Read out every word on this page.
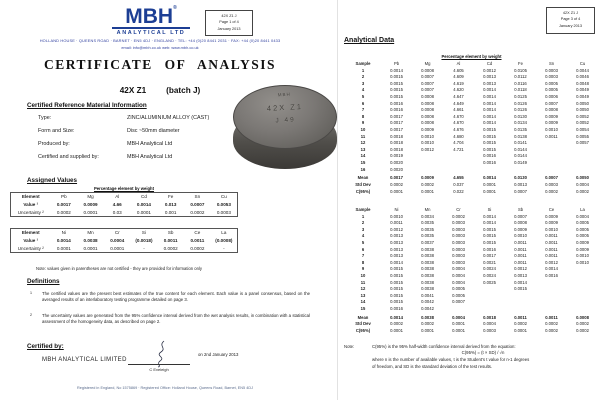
MBH®
ANALYTICAL LTD
42X Z1 J
Page 1 of 4
January 2013
HOLLAND HOUSE · QUEENS ROAD · BARNET · EN5 4DJ · ENGLAND · TEL: +44 (0)20 8441 2031 · FAX: +44 (0)20 8441 0433
email: info@mbh.co.uk web: www.mbh.co.uk
CERTIFICATE OF ANALYSIS
42X Z1 (batch J)
Certified Reference Material Information
Type:	ZINC/ALUMINIUM ALLOY (CAST)
Form and Size:	Disc ~50mm diameter
Produced by:	MBH Analytical Ltd
Certified and supplied by:	MBH Analytical Ltd
MBH
42X Z1
J 49
Assigned Values
Percentage element by weight
Element	Pb	Mg	Al	Cd	Fe	Sn	Cu
Value ¹	0.0017	0.0009	4.66	0.0014	0.013	0.0007	0.0053
Uncertainty ²	0.0002	0.0001	0.03	0.0001	0.001	0.0002	0.0003
Element	Ni	Mn	Cr	Si	Sb	Ce	La
Value ¹	0.0014	0.0038	0.0004	(0.0018)	0.0011	0.0011	(0.0008)
Uncertainty ²	0.0001	0.0001	0.0001	-	0.0002	0.0002	-
Note: values given in parentheses are not certified - they are provided for information only
Definitions
1 The certified values are the present best estimates of the true content for each element. Each value is a panel consensus, based on the averaged results of an interlaboratory testing programme detailed on page 3.
2 The uncertainty values are generated from the 95% confidence interval derived from the wet analysis results, in combination with a statistical assessment of the homogeneity data, as described on page 2.
Certified by:
MBH ANALYTICAL LIMITED
C Eveleigh
on 2nd January 2013
Registered in England, No 1575869 · Registered Office: Holland House, Queens Road, Barnet, EN5 4DJ
42X Z1 J
Page 3 of 4
January 2013
Analytical Data
Percentage element by weight
Sample	Pb	Mg	Al	Cd	Fe	Sn	Cu
1	0.0014	0.0008	4.605	0.0012	0.0105	0.0003	0.0044
2	0.0015	0.0007	4.609	0.0013	0.0112	0.0003	0.0046
3	0.0015	0.0007	4.619	0.0013	0.0116	0.0005	0.0048
4	0.0015	0.0007	4.620	0.0014	0.0118	0.0005	0.0049
5	0.0015	0.0008	4.647	0.0014	0.0125	0.0006	0.0049
6	0.0016	0.0008	4.649	0.0014	0.0126	0.0007	0.0050
7	0.0016	0.0008	4.661	0.0014	0.0126	0.0008	0.0050
8	0.0017	0.0008	4.670	0.0014	0.0130	0.0009	0.0052
9	0.0017	0.0008	4.670	0.0014	0.0134	0.0009	0.0052
10	0.0017	0.0009	4.676	0.0015	0.0135	0.0010	0.0054
11	0.0018	0.0010	4.680	0.0015	0.0138	0.0011	0.0055
12	0.0018	0.0010	4.704	0.0015	0.0141		0.0057
13	0.0018	0.0012	4.721	0.0015	0.0144		
14	0.0019			0.0016	0.0144		
15	0.0020			0.0016	0.0149		
16	0.0020						
Mean	0.0017	0.0009	4.655	0.0014	0.0130	0.0007	0.0050
Std Dev	0.0002	0.0002	0.037	0.0001	0.0013	0.0003	0.0004
C(95%)	0.0001	0.0001	0.022	0.0001	0.0007	0.0002	0.0002
Sample	Ni	Mn	Cr	Si	Sb	Ce	La
1	0.0010	0.0034	0.0002	0.0014	0.0007	0.0009	0.0004
2	0.0011	0.0035	0.0003	0.0014	0.0008	0.0009	0.0005
3	0.0012	0.0035	0.0003	0.0015	0.0009	0.0010	0.0005
4	0.0013	0.0035	0.0003	0.0015	0.0010	0.0011	0.0005
5	0.0013	0.0037	0.0003	0.0015	0.0011	0.0011	0.0009
6	0.0013	0.0038	0.0003	0.0016	0.0011	0.0011	0.0009
7	0.0013	0.0038	0.0003	0.0017	0.0011	0.0011	0.0010
8	0.0014	0.0038	0.0003	0.0021	0.0011	0.0012	0.0010
9	0.0015	0.0038	0.0004	0.0024	0.0012	0.0014	
10	0.0015	0.0038	0.0004	0.0024	0.0013	0.0016	
11	0.0015	0.0038	0.0004	0.0025	0.0014		
12	0.0015	0.0038	0.0005		0.0015		
13	0.0015	0.0041	0.0005				
14	0.0015	0.0042	0.0007				
15	0.0016	0.0042					
Mean	0.0014	0.0038	0.0004	0.0018	0.0011	0.0011	0.0008
Std Dev	0.0002	0.0002	0.0001	0.0004	0.0002	0.0002	0.0002
C(95%)	0.0001	0.0001	0.0001	0.0003	0.0001	0.0002	0.0002
Note:	C(95%) is the 95% half-width confidence interval derived from the equation:
C(95%) = (t × SD) / √n
where n is the number of available values, t is the Student's t value for n-1 degrees
of freedom, and SD is the standard deviation of the test results.
